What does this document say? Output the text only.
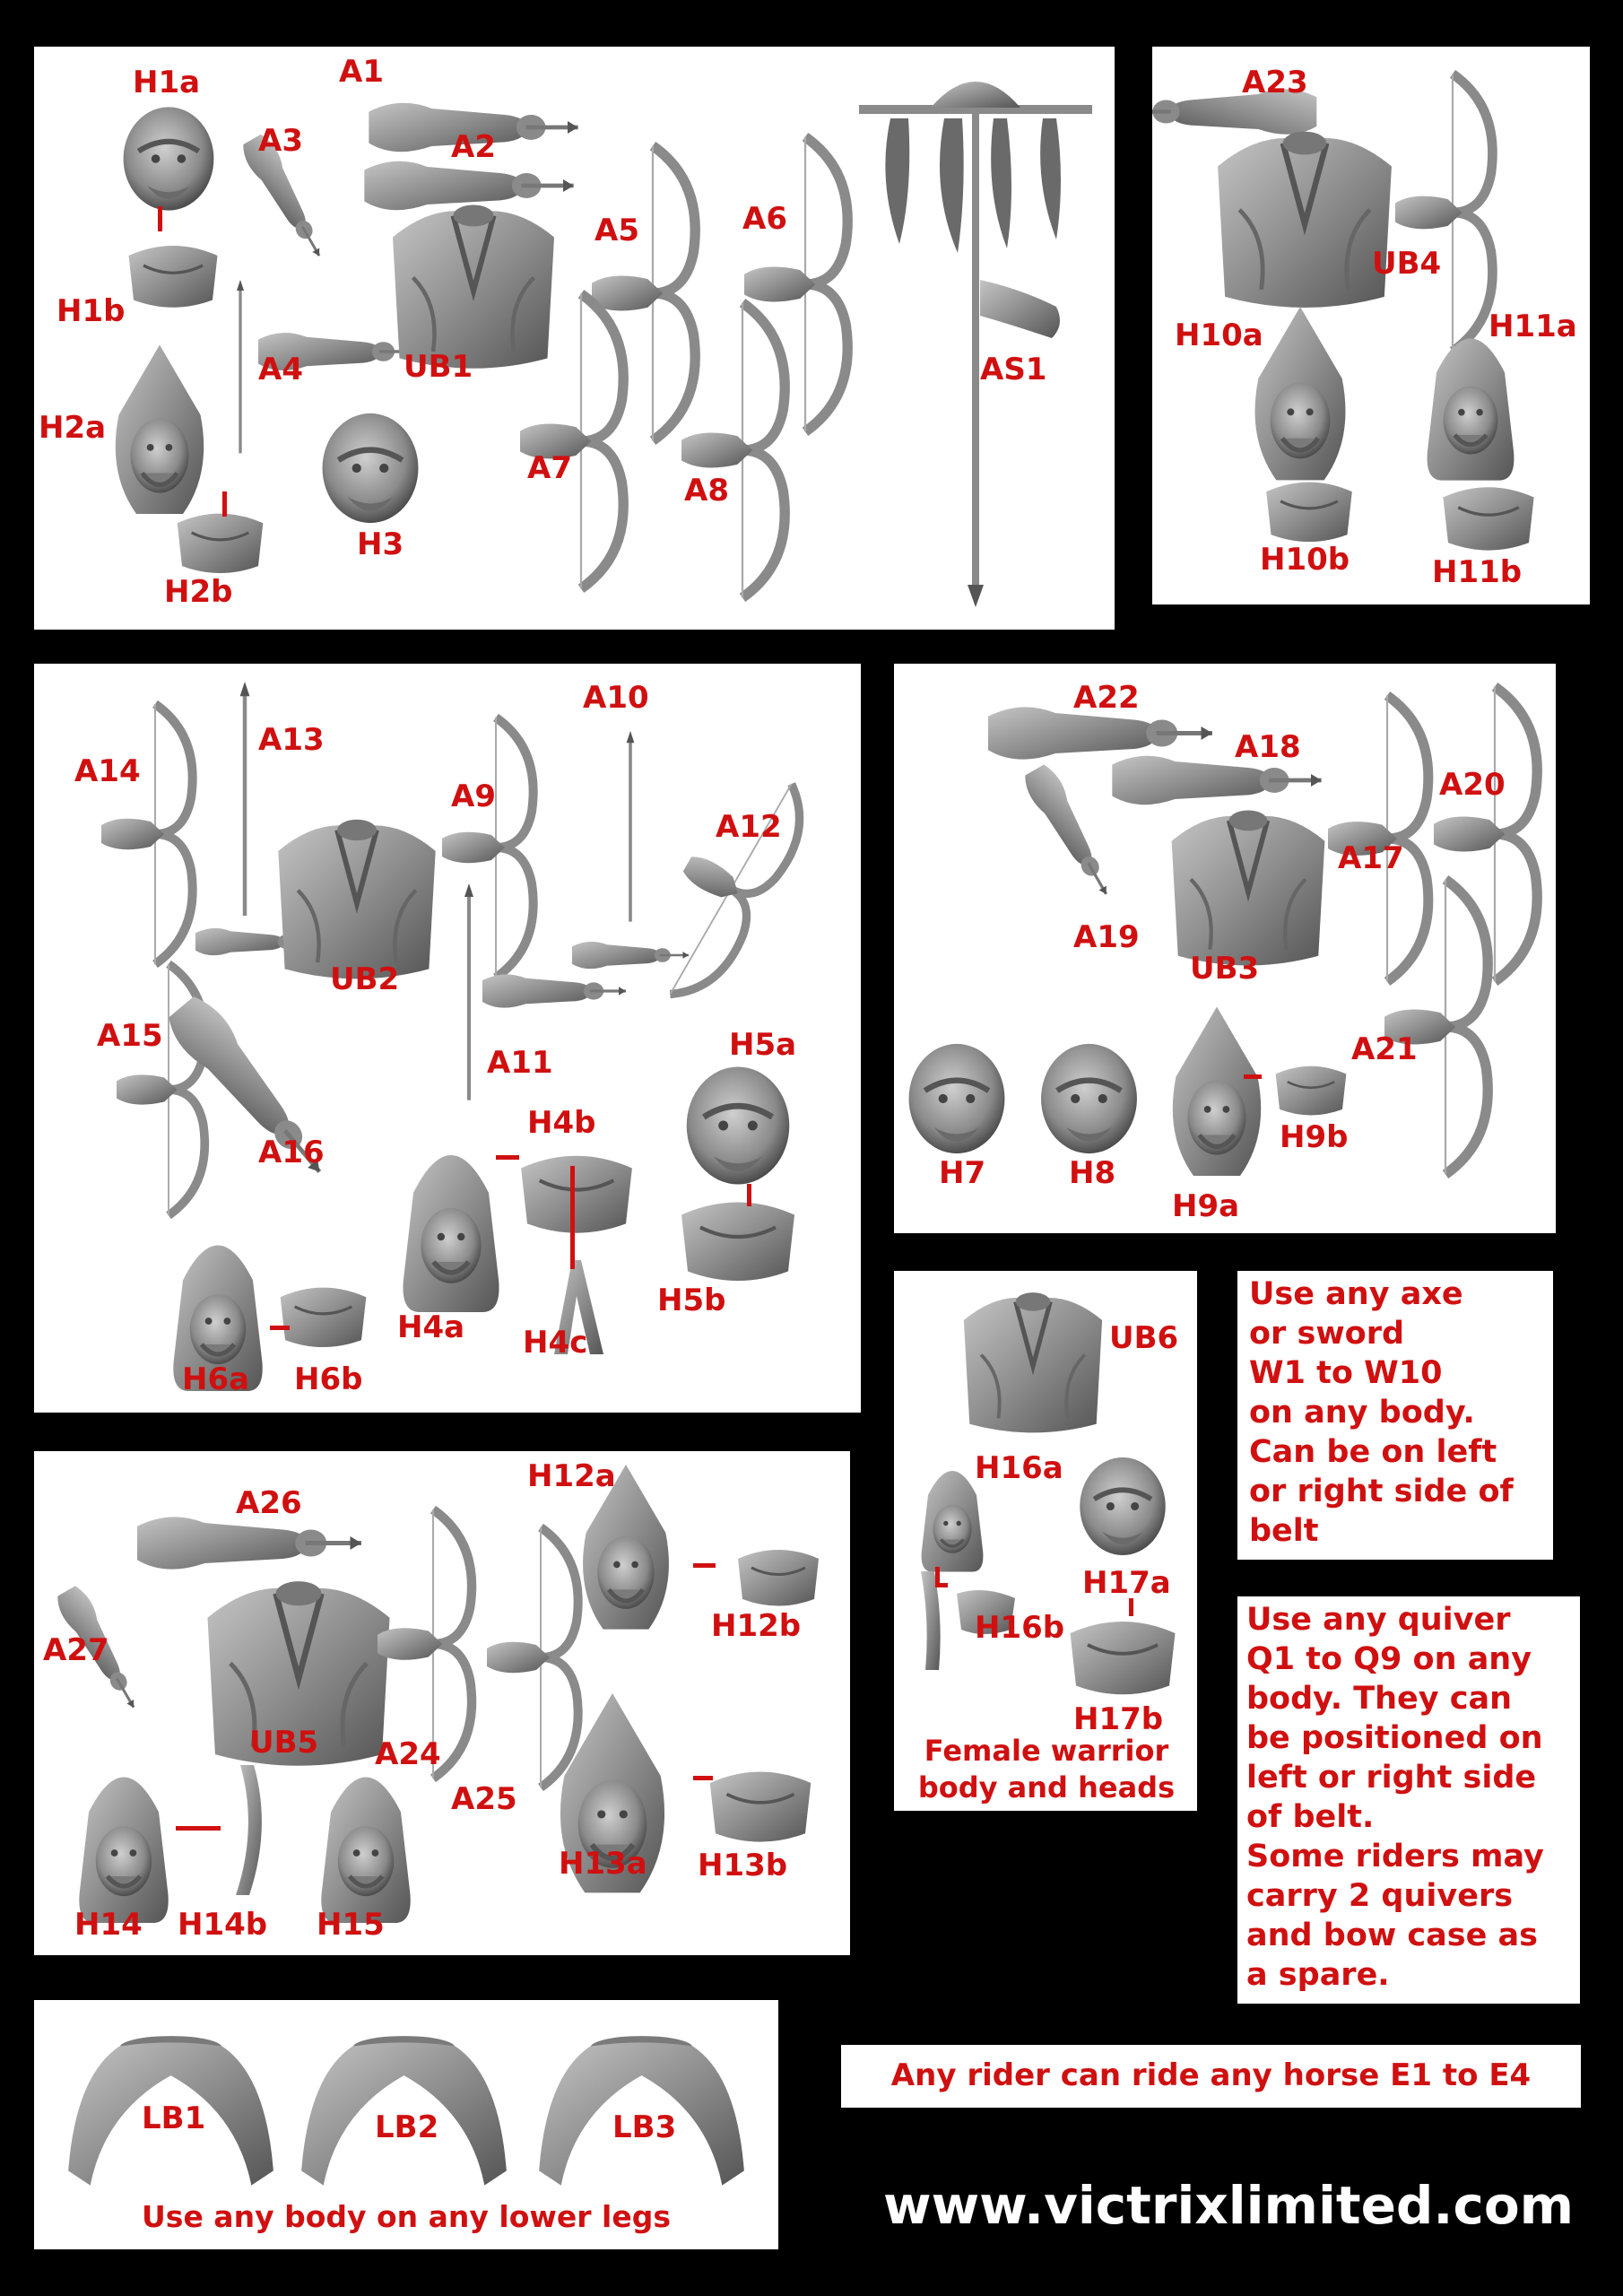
H1a
H1b
H2a
H2b
H3
A1
A2
A3
A4	UB1
A5	A6
A7
A8
AS1
A23
UB4
H10a	H11a
H10b	H11b
A14
A13
A9
A10
A12
UB2
A15
A11	H5a
A16
H4b
H4a H4c
H5b
H6a H6b
A22
A18
A20
A17
A19
UB3
A21
H7	H8
H9a
H9b
UB6
H16a
H17a
H16b
H17b
Female warrior
body and heads
Use any axe
or sword
W1 to W10
on any body.
Can be on left
or right side of
belt
Use any quiver
Q1 to Q9 on any
body. They can
be positioned on
left or right side
of belt.
Some riders may
carry 2 quivers
and bow case as
a spare.
A26
H12a
A27
H12b
UB5 A24
A25
H14 H14b H15
H13a H13b
LB1	LB2	LB3
Use any body on any lower legs
Any rider can ride any horse E1 to E4
www.victrixlimited.com
